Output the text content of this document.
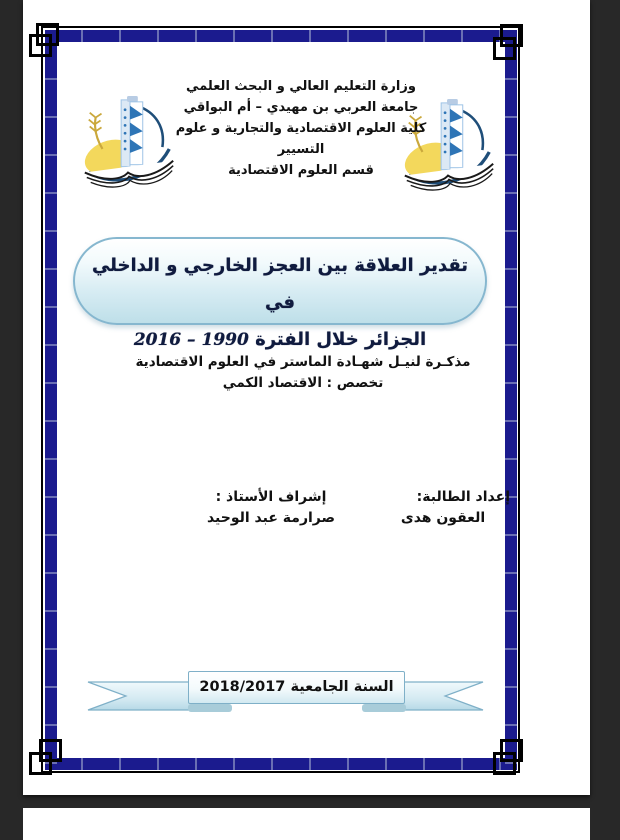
وزارة التعليم العالي و البحث العلمي
جامعة العربي بن مهيدي – أم البواقي
كلية العلوم الاقتصادية والتجارية و علوم التسيير
قسم العلوم الاقتصادية
تقدير العلاقة بين العجز الخارجي و الداخلي في
الجزائر خلال الفترة 1990 – 2016
مذكـرة لنيـل شهـادة الماستر في العلوم الاقتصادية
تخصص : الاقتصاد الكمي
إعداد الطالبة:
العقون هدى
إشراف الأستاذ :
صرارمة عبد الوحيد
السنة الجامعية 2018/2017
